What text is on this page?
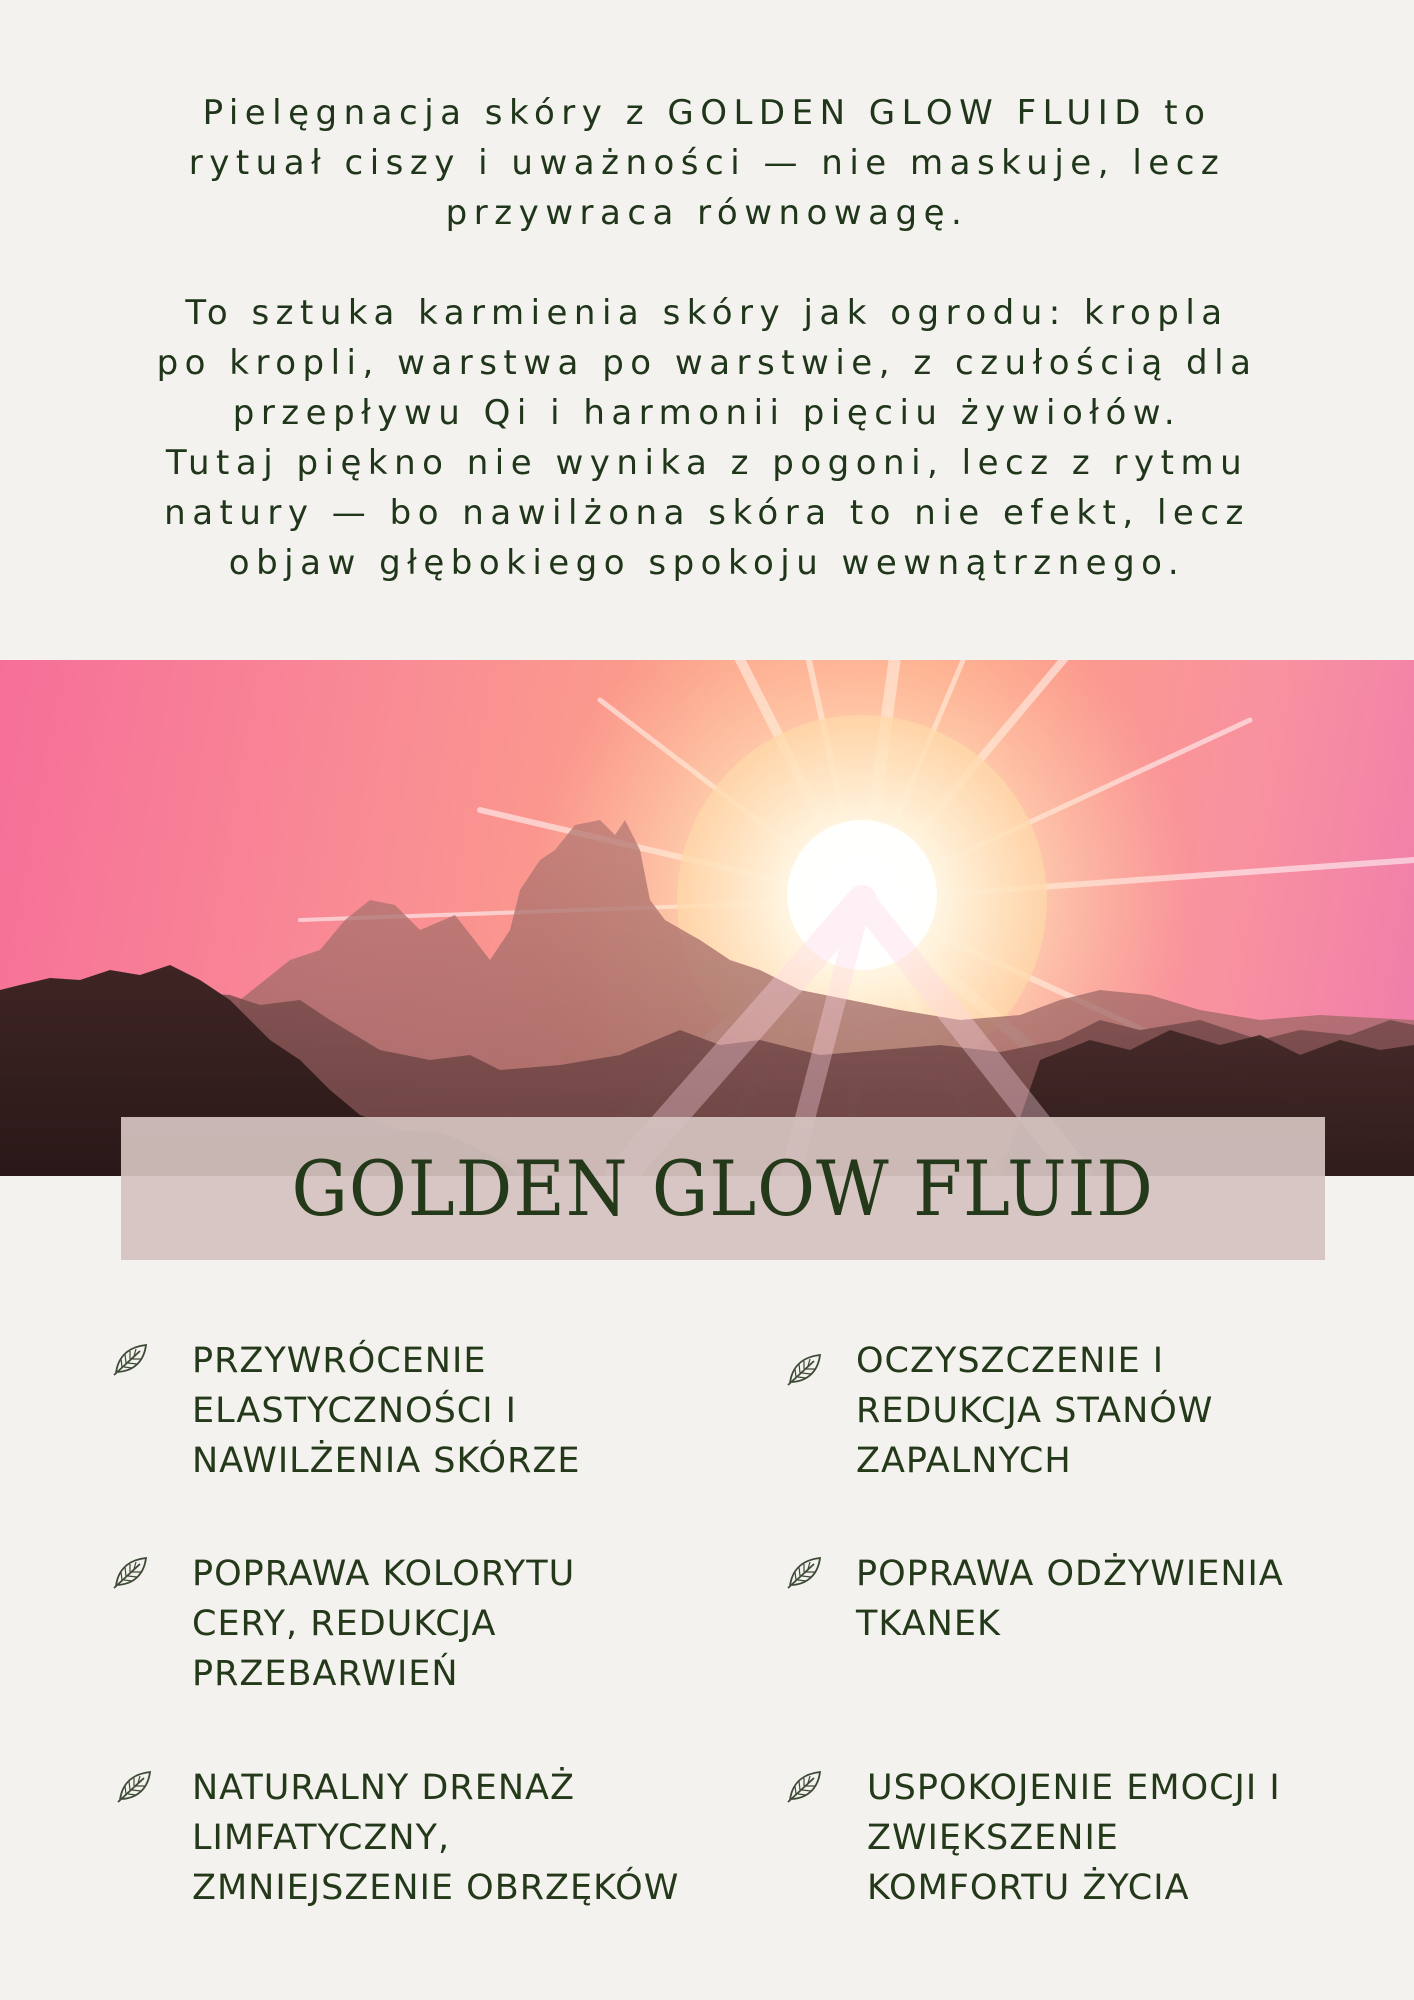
Pielęgnacja skóry z GOLDEN GLOW FLUID to
rytuał ciszy i uważności — nie maskuje, lecz
przywraca równowagę.

To sztuka karmienia skóry jak ogrodu: kropla
po kropli, warstwa po warstwie, z czułością dla
przepływu Qi i harmonii pięciu żywiołów.
Tutaj piękno nie wynika z pogoni, lecz z rytmu
natury — bo nawilżona skóra to nie efekt, lecz
objaw głębokiego spokoju wewnątrznego.

GOLDEN GLOW FLUID
PRZYWRÓCENIE
ELASTYCZNOŚCI I
NAWILŻENIA SKÓRZE
OCZYSZCZENIE I
REDUKCJA STANÓW
ZAPALNYCH
POPRAWA KOLORYTU
CERY, REDUKCJA
PRZEBARWIEŃ
POPRAWA ODŻYWIENIA
TKANEK
NATURALNY DRENAŻ
LIMFATYCZNY,
ZMNIEJSZENIE OBRZĘKÓW
USPOKOJENIE EMOCJI I
ZWIĘKSZENIE
KOMFORTU ŻYCIA
